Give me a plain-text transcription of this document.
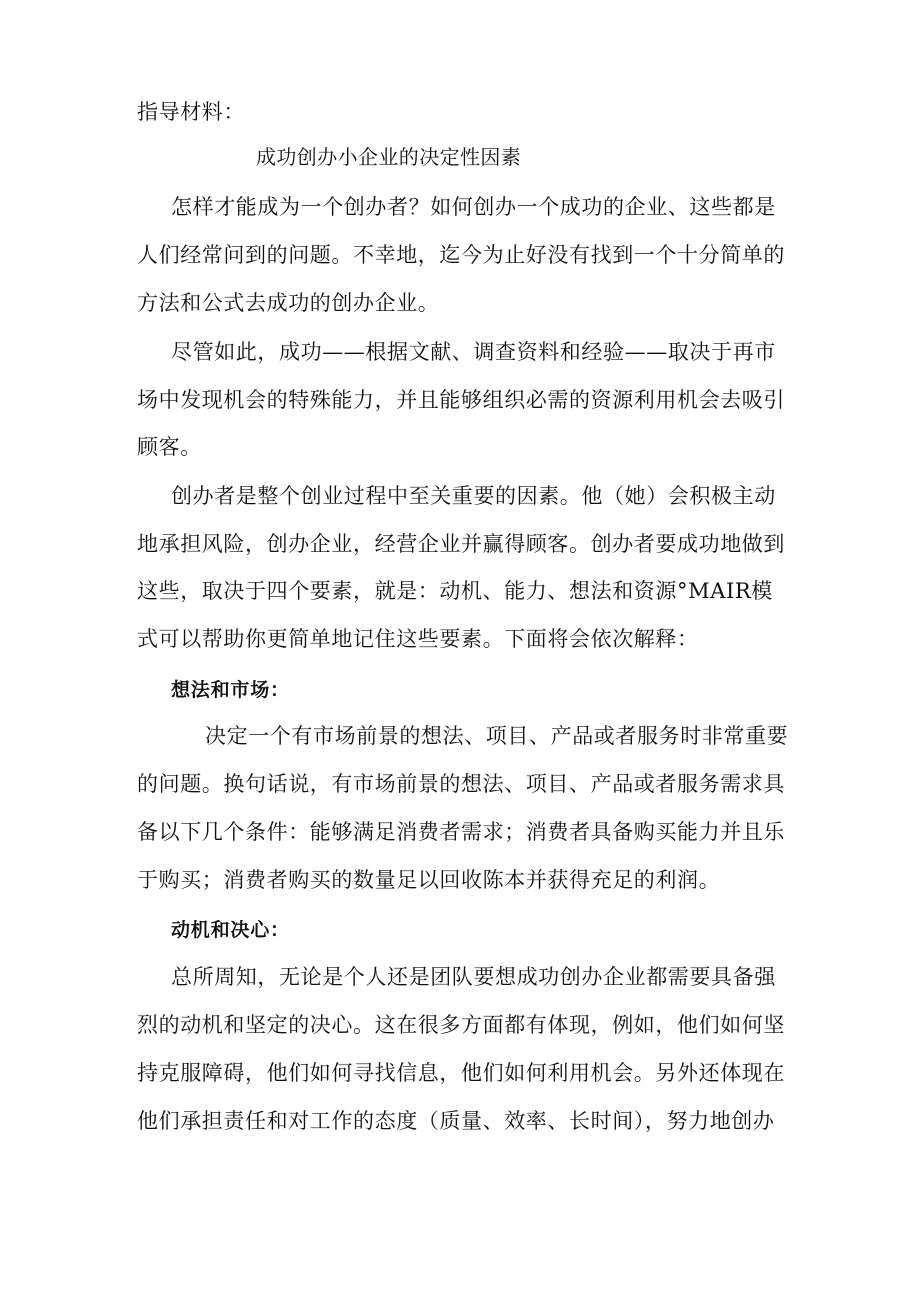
指导材料：
成功创办小企业的决定性因素
怎样才能成为一个创办者？如何创办一个成功的企业、这些都是
人们经常问到的问题。不幸地，迄今为止好没有找到一个十分简单的
方法和公式去成功的创办企业。
尽管如此，成功——根据文献、调查资料和经验——取决于再市
场中发现机会的特殊能力，并且能够组织必需的资源利用机会去吸引
顾客。
创办者是整个创业过程中至关重要的因素。他（她）会积极主动
地承担风险，创办企业，经营企业并赢得顾客。创办者要成功地做到
这些，取决于四个要素，就是：动机、能力、想法和资源°MAIR模
式可以帮助你更简单地记住这些要素。下面将会依次解释：
想法和市场：
决定一个有市场前景的想法、项目、产品或者服务时非常重要
的问题。换句话说，有市场前景的想法、项目、产品或者服务需求具
备以下几个条件：能够满足消费者需求；消费者具备购买能力并且乐
于购买；消费者购买的数量足以回收陈本并获得充足的利润。
动机和决心：
总所周知，无论是个人还是团队要想成功创办企业都需要具备强
烈的动机和坚定的决心。这在很多方面都有体现，例如，他们如何坚
持克服障碍，他们如何寻找信息，他们如何利用机会。另外还体现在
他们承担责任和对工作的态度（质量、效率、长时间），努力地创办
